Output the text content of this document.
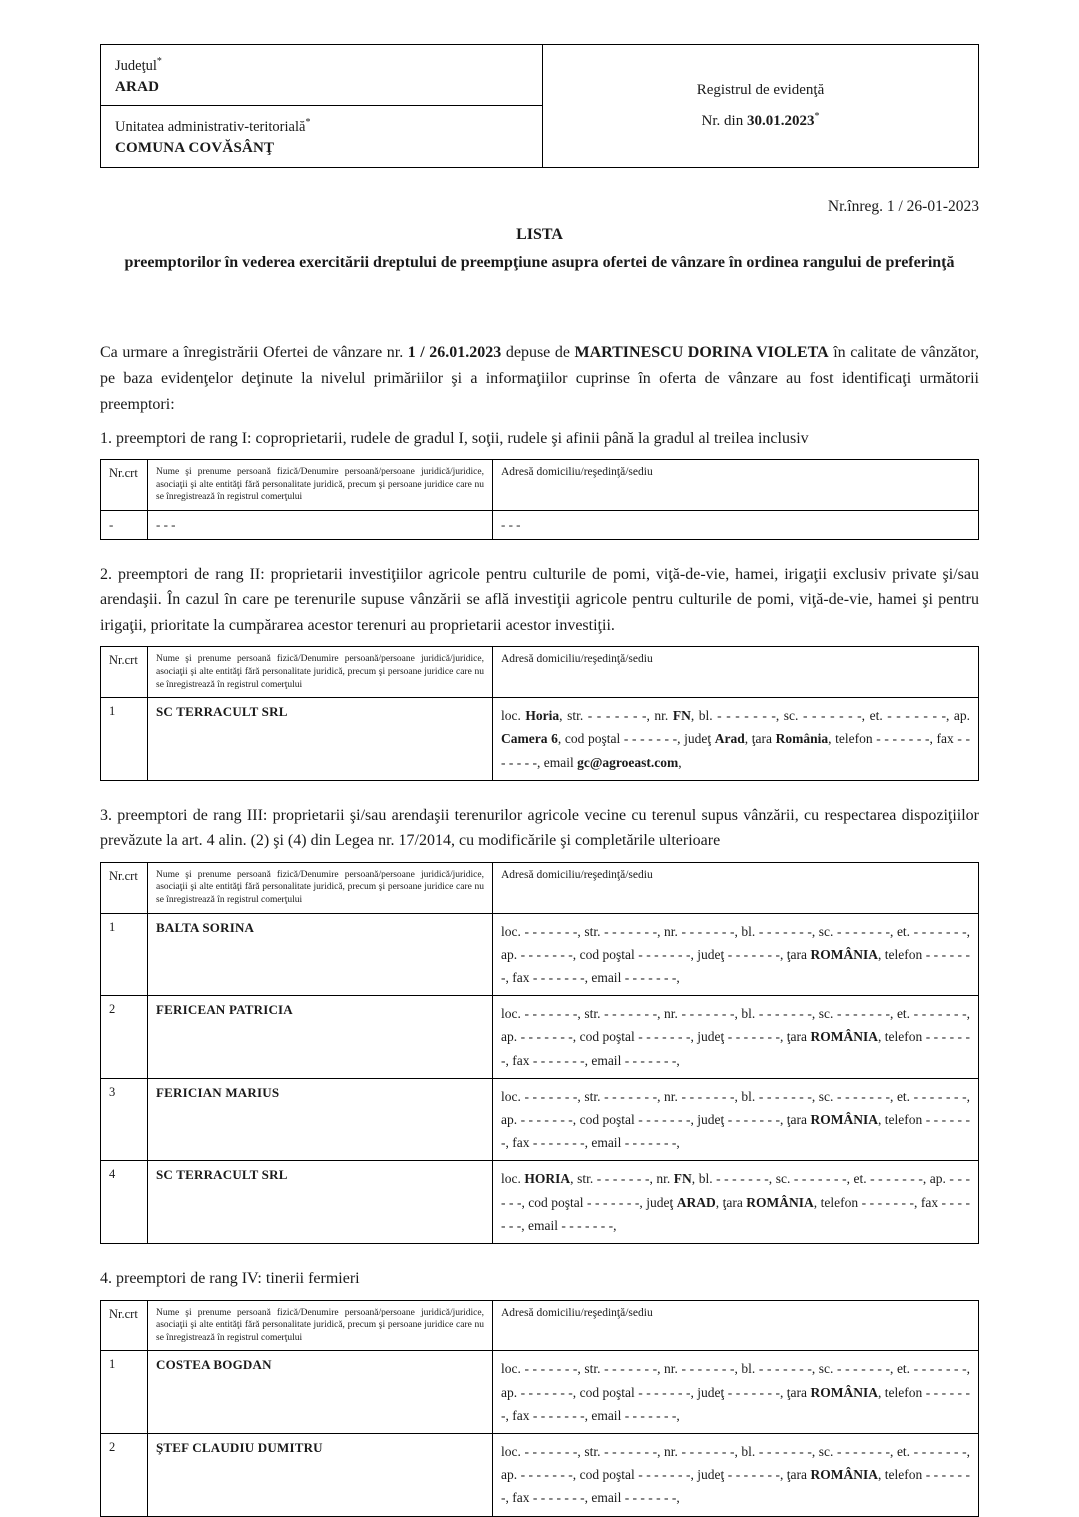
Judeţul*
ARAD
Unitatea administrativ-teritorială*
COMUNA COVĂSÂNŢ
Registrul de evidenţă
Nr. din 30.01.2023*
Nr.înreg. 1 / 26-01-2023
LISTA
preemptorilor în vederea exercitării dreptului de preempţiune asupra ofertei de vânzare în ordinea rangului de preferinţă
Ca urmare a înregistrării Ofertei de vânzare nr. 1 / 26.01.2023 depuse de MARTINESCU DORINA VIOLETA în calitate de vânzător, pe baza evidenţelor deţinute la nivelul primăriilor şi a informaţiilor cuprinse în oferta de vânzare au fost identificaţi următorii preemptori:
1. preemptori de rang I: coproprietarii, rudele de gradul I, soţii, rudele şi afinii până la gradul al treilea inclusiv
Nr.crt	Nume şi prenume persoană fizică/Denumire persoană/persoane juridică/juridice, asociaţii şi alte entităţi fără personalitate juridică, precum şi persoane juridice care nu se înregistrează în registrul comerţului	Adresă domiciliu/reşedinţă/sediu
-	- - -	- - -
2. preemptori de rang II: proprietarii investiţiilor agricole pentru culturile de pomi, viţă-de-vie, hamei, irigaţii exclusiv private şi/sau arendaşii. În cazul în care pe terenurile supuse vânzării se află investiţii agricole pentru culturile de pomi, viţă-de-vie, hamei şi pentru irigaţii, prioritate la cumpărarea acestor terenuri au proprietarii acestor investiţii.
Nr.crt	Nume şi prenume persoană fizică/Denumire persoană/persoane juridică/juridice, asociaţii şi alte entităţi fără personalitate juridică, precum şi persoane juridice care nu se înregistrează în registrul comerţului	Adresă domiciliu/reşedinţă/sediu
1	SC TERRACULT SRL	loc. Horia, str. - - - - - - -, nr. FN, bl. - - - - - - -, sc. - - - - - - -, et. - - - - - - -, ap. Camera 6, cod poştal - - - - - - -, judeţ Arad, ţara România, telefon - - - - - - -, fax - - - - - - -, email gc@agroeast.com,
3. preemptori de rang III: proprietarii şi/sau arendaşii terenurilor agricole vecine cu terenul supus vânzării, cu respectarea dispoziţiilor prevăzute la art. 4 alin. (2) şi (4) din Legea nr. 17/2014, cu modificările şi completările ulterioare
Nr.crt	Nume şi prenume persoană fizică/Denumire persoană/persoane juridică/juridice, asociaţii şi alte entităţi fără personalitate juridică, precum şi persoane juridice care nu se înregistrează în registrul comerţului	Adresă domiciliu/reşedinţă/sediu
1	BALTA SORINA	loc. - - - - - - -, str. - - - - - - -, nr. - - - - - - -, bl. - - - - - - -, sc. - - - - - - -, et. - - - - - - -, ap. - - - - - - -, cod poştal - - - - - - -, judeţ - - - - - - -, ţara ROMÂNIA, telefon - - - - - - -, fax - - - - - - -, email - - - - - - -,
2	FERICEAN PATRICIA	loc. - - - - - - -, str. - - - - - - -, nr. - - - - - - -, bl. - - - - - - -, sc. - - - - - - -, et. - - - - - - -, ap. - - - - - - -, cod poştal - - - - - - -, judeţ - - - - - - -, ţara ROMÂNIA, telefon - - - - - - -, fax - - - - - - -, email - - - - - - -,
3	FERICIAN MARIUS	loc. - - - - - - -, str. - - - - - - -, nr. - - - - - - -, bl. - - - - - - -, sc. - - - - - - -, et. - - - - - - -, ap. - - - - - - -, cod poştal - - - - - - -, judeţ - - - - - - -, ţara ROMÂNIA, telefon - - - - - - -, fax - - - - - - -, email - - - - - - -,
4	SC TERRACULT SRL	loc. HORIA, str. - - - - - - -, nr. FN, bl. - - - - - - -, sc. - - - - - - -, et. - - - - - - -, ap. - - - - - -, cod poştal - - - - - - -, judeţ ARAD, ţara ROMÂNIA, telefon - - - - - - -, fax - - - - - - -, email - - - - - - -,
4. preemptori de rang IV: tinerii fermieri
Nr.crt	Nume şi prenume persoană fizică/Denumire persoană/persoane juridică/juridice, asociaţii şi alte entităţi fără personalitate juridică, precum şi persoane juridice care nu se înregistrează în registrul comerţului	Adresă domiciliu/reşedinţă/sediu
1	COSTEA BOGDAN	loc. - - - - - - -, str. - - - - - - -, nr. - - - - - - -, bl. - - - - - - -, sc. - - - - - - -, et. - - - - - - -, ap. - - - - - - -, cod poştal - - - - - - -, judeţ - - - - - - -, ţara ROMÂNIA, telefon - - - - - - -, fax - - - - - - -, email - - - - - - -,
2	ŞTEF CLAUDIU DUMITRU	loc. - - - - - - -, str. - - - - - - -, nr. - - - - - - -, bl. - - - - - - -, sc. - - - - - - -, et. - - - - - - -, ap. - - - - - - -, cod poştal - - - - - - -, judeţ - - - - - - -, ţara ROMÂNIA, telefon - - - - - - -, fax - - - - - - -, email - - - - - - -,
